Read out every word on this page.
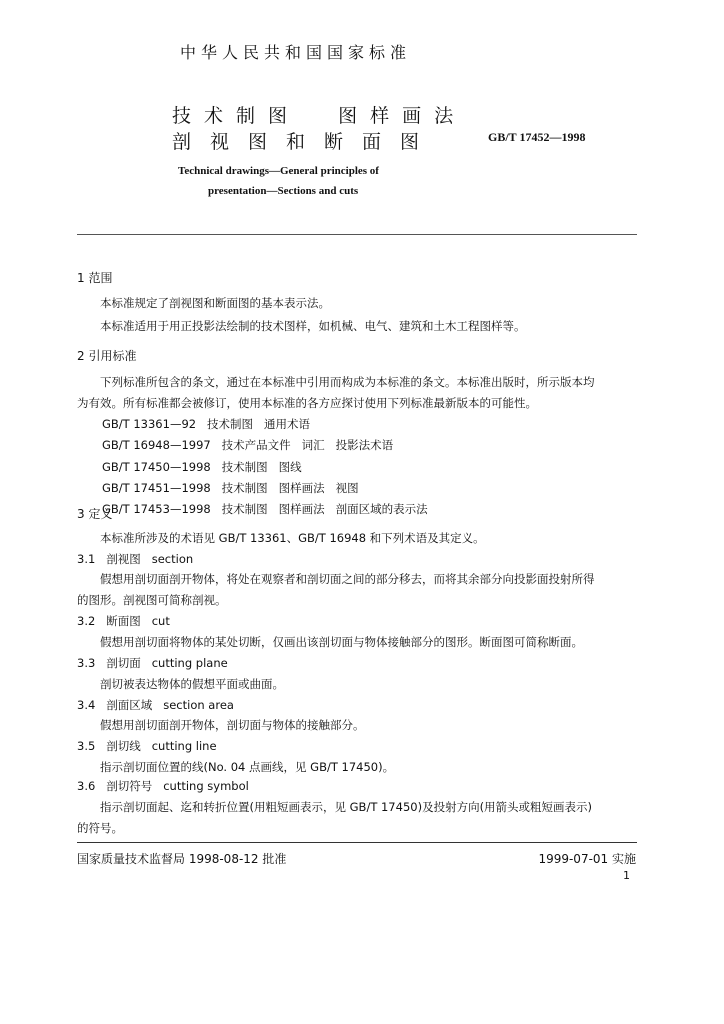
中华人民共和国国家标准
技术制图  图样画法
剖视图和断面图	GB/T 17452—1998
Technical drawings—General principles of
presentation—Sections and cuts
1 范围
本标准规定了剖视图和断面图的基本表示法。
本标准适用于用正投影法绘制的技术图样，如机械、电气、建筑和土木工程图样等。
2 引用标准
下列标准所包含的条文，通过在本标准中引用而构成为本标准的条文。本标准出版时，所示版本均
为有效。所有标准都会被修订，使用本标准的各方应探讨使用下列标准最新版本的可能性。
GB/T 13361—92   技术制图   通用术语
GB/T 16948—1997   技术产品文件   词汇   投影法术语
GB/T 17450—1998   技术制图   图线
GB/T 17451—1998   技术制图   图样画法   视图
GB/T 17453—1998   技术制图   图样画法   剖面区域的表示法
3 定义
本标准所涉及的术语见 GB/T 13361、GB/T 16948 和下列术语及其定义。
3.1   剖视图   section
假想用剖切面剖开物体，将处在观察者和剖切面之间的部分移去，而将其余部分向投影面投射所得
的图形。剖视图可简称剖视。
3.2   断面图   cut
假想用剖切面将物体的某处切断，仅画出该剖切面与物体接触部分的图形。断面图可简称断面。
3.3   剖切面   cutting plane
剖切被表达物体的假想平面或曲面。
3.4   剖面区域   section area
假想用剖切面剖开物体，剖切面与物体的接触部分。
3.5   剖切线   cutting line
指示剖切面位置的线(No. 04 点画线，见 GB/T 17450)。
3.6   剖切符号   cutting symbol
指示剖切面起、迄和转折位置(用粗短画表示，见 GB/T 17450)及投射方向(用箭头或粗短画表示)
国家质量技术监督局 1998-08-12 批准	1999-07-01 实施
1
的符号。
